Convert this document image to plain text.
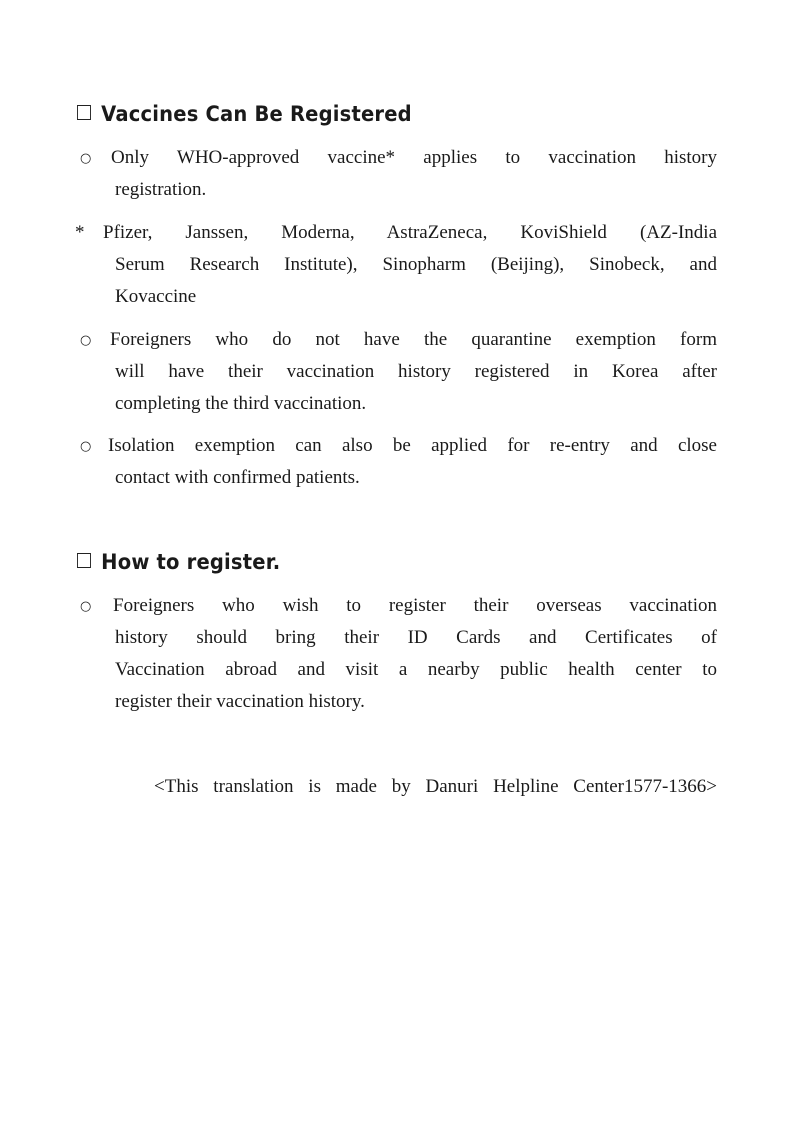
Vaccines Can Be Registered
○ Only WHO-approved vaccine* applies to vaccination history
registration.
* Pfizer, Janssen, Moderna, AstraZeneca, KoviShield (AZ-India
Serum Research Institute), Sinopharm (Beijing), Sinobeck, and
Kovaccine
○ Foreigners who do not have the quarantine exemption form
will have their vaccination history registered in Korea after
completing the third vaccination.
○ Isolation exemption can also be applied for re-entry and close
contact with confirmed patients.
How to register.
○ Foreigners who wish to register their overseas vaccination
history should bring their ID Cards and Certificates of
Vaccination abroad and visit a nearby public health center to
register their vaccination history.
<This translation is made by Danuri Helpline Center1577-1366>
